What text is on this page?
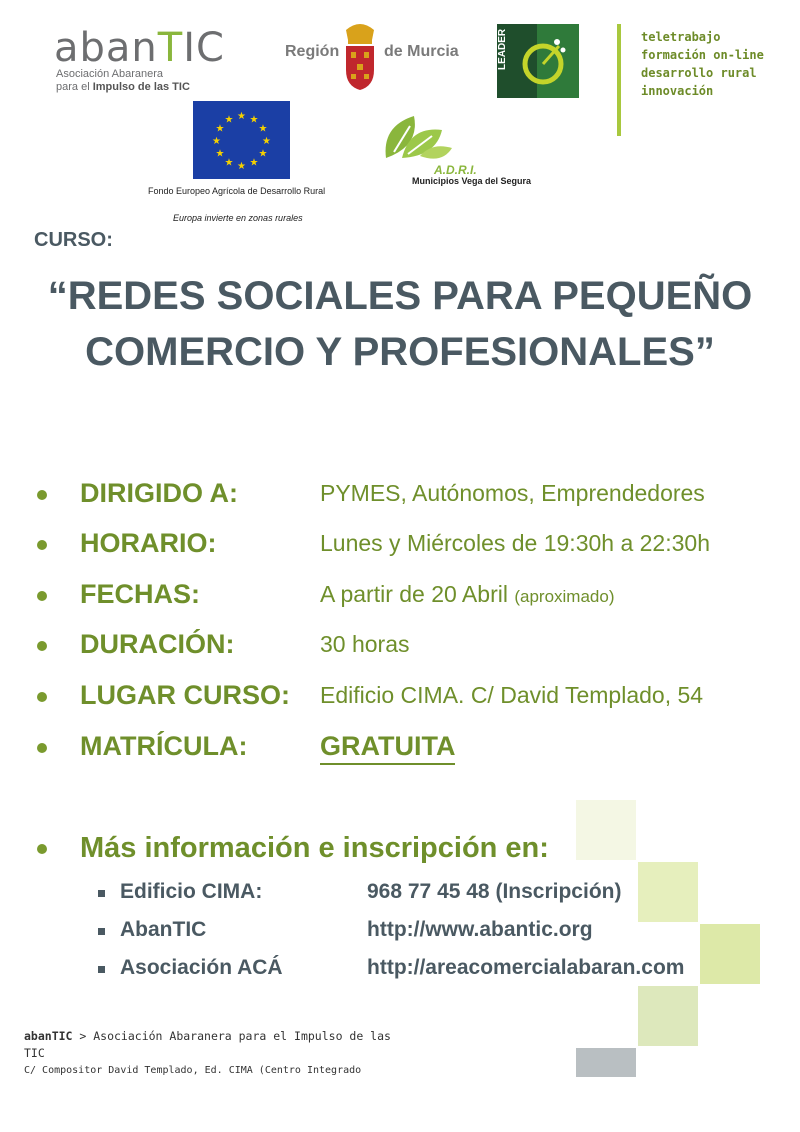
abanTIC
Asociación Abaranera
para el Impulso de las TIC
Región	de Murcia	LEADER	teletrabajo
formación on-line
desarrollo rural
innovación
★ ★
★
★
★
★
★
★
★
★
★
★
Fondo Europeo Agrícola de Desarrollo Rural
Europa invierte en zonas rurales
A.D.R.I.
Municipios Vega del Segura
CURSO:
“REDES SOCIALES PARA PEQUEÑO
COMERCIO Y PROFESIONALES”
DIRIGIDO A:	PYMES, Autónomos, Emprendedores
HORARIO:	Lunes y Miércoles de 19:30h a 22:30h
FECHAS:	A partir de 20 Abril (aproximado)
DURACIÓN:	30 horas
LUGAR CURSO: Edificio CIMA. C/ David Templado, 54
MATRÍCULA:	GRATUITA
Más información e inscripción en:
Edificio CIMA:	968 77 45 48 (Inscripción)
AbanTIC	http://www.abantic.org
Asociación ACÁ	http://areacomercialabaran.com
abanTIC > Asociación Abaranera para el Impulso de las TIC
C/ Compositor David Templado, Ed. CIMA (Centro Integrado
